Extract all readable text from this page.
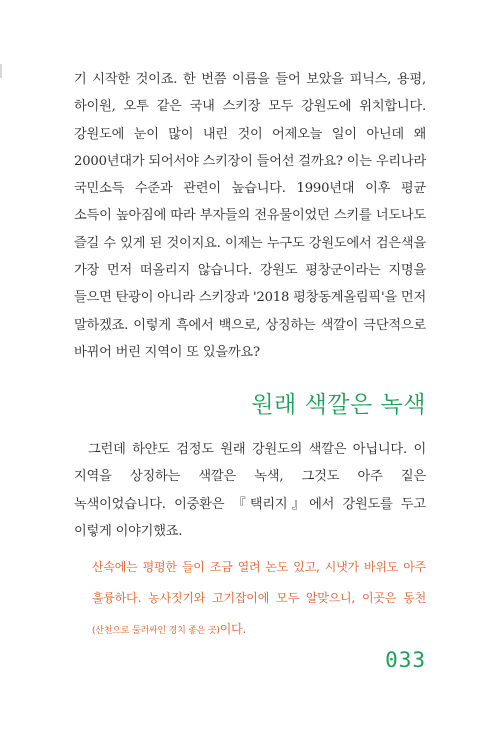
기 시작한 것이죠. 한 번쯤 이름을 들어 보았을 피닉스, 용평, 하이원, 오투 같은 국내 스키장 모두 강원도에 위치합니다. 강원도에 눈이 많이 내린 것이 어제오늘 일이 아닌데 왜 2000년대가 되어서야 스키장이 들어선 걸까요? 이는 우리나라 국민소득 수준과 관련이 높습니다. 1990년대 이후 평균 소득이 높아짐에 따라 부자들의 전유물이었던 스키를 너도나도 즐길 수 있게 된 것이지요. 이제는 누구도 강원도에서 검은색을 가장 먼저 떠올리지 않습니다. 강원도 평창군이라는 지명을 들으면 탄광이 아니라 스키장과 '2018 평창동계올림픽'을 먼저 말하겠죠. 이렇게 흑에서 백으로, 상징하는 색깔이 극단적으로 바뀌어 버린 지역이 또 있을까요?

원래 색깔은 녹색

그런데 하얀도 검정도 원래 강원도의 색깔은 아닙니다. 이 지역을 상징하는 색깔은 녹색, 그것도 아주 짙은 녹색이었습니다. 이중환은 『택리지』에서 강원도를 두고 이렇게 이야기했죠.

산속에는 평평한 들이 조금 열려 논도 있고, 시냇가 바위도 아주 훌륭하다. 농사짓기와 고기잡이에 모두 알맞으니, 이곳은 동천(산천으로 둘러싸인 경치 좋은 곳)이다.

033
